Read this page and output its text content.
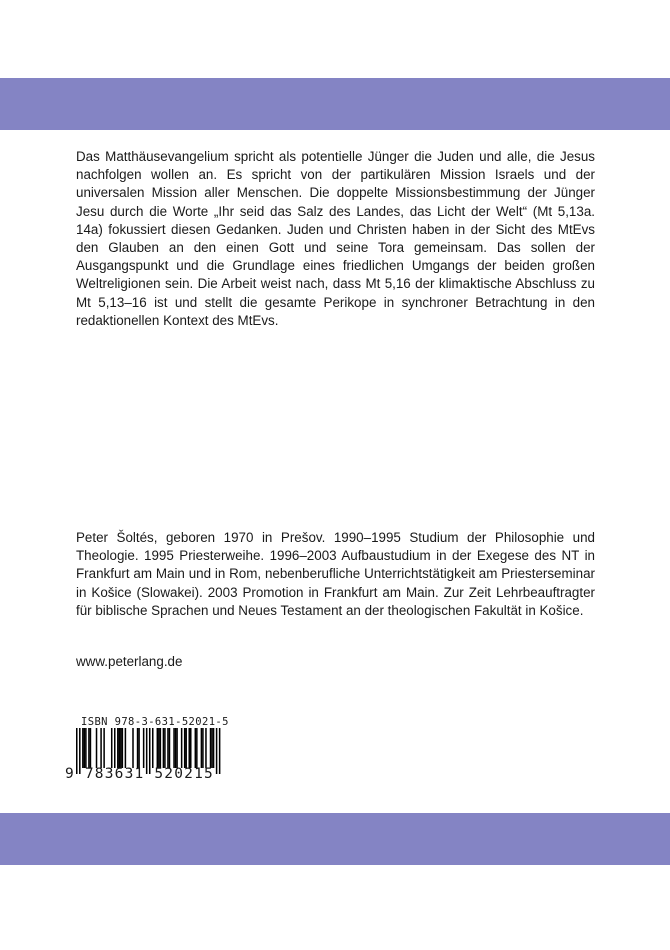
Das Matthäusevangelium spricht als potentielle Jünger die Juden und alle, die Jesus nachfolgen wollen an. Es spricht von der partikulären Mission Israels und der universalen Mission aller Menschen. Die doppelte Missionsbestimmung der Jünger Jesu durch die Worte „Ihr seid das Salz des Landes, das Licht der Welt“ (Mt 5,13a. 14a) fokussiert diesen Gedanken. Juden und Christen haben in der Sicht des MtEvs den Glauben an den einen Gott und seine Tora gemeinsam. Das sollen der Ausgangspunkt und die Grundlage eines friedlichen Umgangs der beiden großen Weltreligionen sein. Die Arbeit weist nach, dass Mt 5,16 der klimaktische Abschluss zu Mt 5,13–16 ist und stellt die gesamte Perikope in synchroner Betrachtung in den redaktionellen Kontext des MtEvs.

Peter Šoltés, geboren 1970 in Prešov. 1990–1995 Studium der Philosophie und Theologie. 1995 Priesterweihe. 1996–2003 Aufbaustudium in der Exegese des NT in Frankfurt am Main und in Rom, nebenberufliche Unterrichtstätigkeit am Priesterseminar in Košice (Slowakei). 2003 Promotion in Frankfurt am Main. Zur Zeit Lehrbeauftragter für biblische Sprachen und Neues Testament an der theologischen Fakultät in Košice.

www.peterlang.de
ISBN 978-3-631-52021-5
9 783631 520215
